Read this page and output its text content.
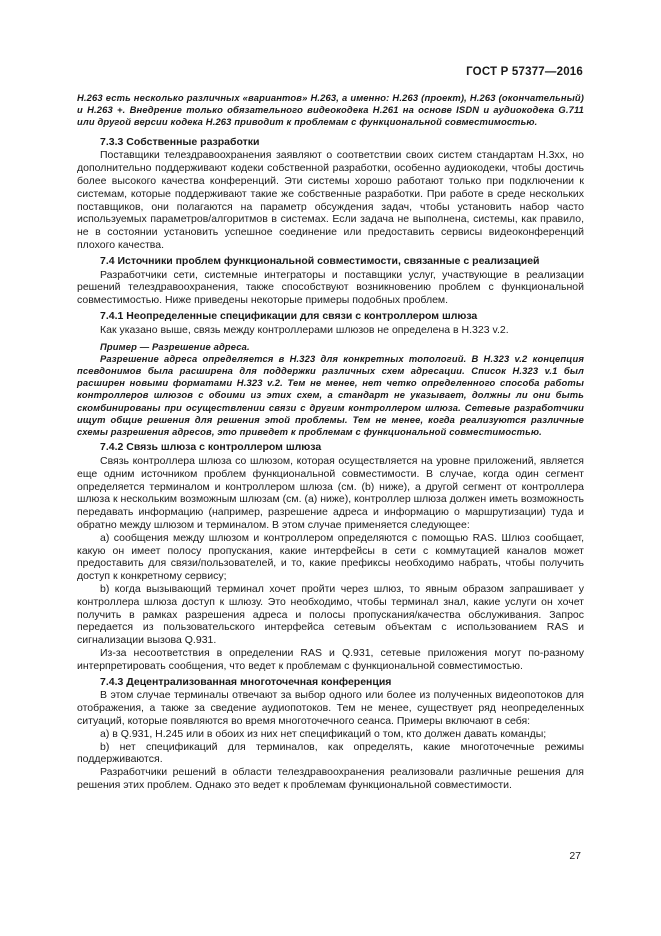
ГОСТ Р 57377—2016

H.263 есть несколько различных «вариантов» H.263, а именно: H.263 (проект), H.263 (окончательный) и H.263 +. Внедрение только обязательного видеокодека H.261 на основе ISDN и аудиокодека G.711 или другой версии кодека H.263 приводит к проблемам с функциональной совместимостью.

7.3.3 Собственные разработки

Поставщики телездравоохранения заявляют о соответствии своих систем стандартам H.3xx, но дополнительно поддерживают кодеки собственной разработки, особенно аудиокодеки, чтобы достичь более высокого качества конференций. Эти системы хорошо работают только при подключении к системам, которые поддерживают такие же собственные разработки. При работе в среде нескольких поставщиков, они полагаются на параметр обсуждения задач, чтобы установить набор часто используемых параметров/алгоритмов в системах. Если задача не выполнена, системы, как правило, не в состоянии установить успешное соединение или предоставить сервисы видеоконференций плохого качества.

7.4 Источники проблем функциональной совместимости, связанные с реализацией

Разработчики сети, системные интеграторы и поставщики услуг, участвующие в реализации решений телездравоохранения, также способствуют возникновению проблем с функциональной совместимостью. Ниже приведены некоторые примеры подобных проблем.

7.4.1 Неопределенные спецификации для связи с контроллером шлюза

Как указано выше, связь между контроллерами шлюзов не определена в H.323 v.2.

Пример — Разрешение адреса.

Разрешение адреса определяется в H.323 для конкретных топологий. В H.323 v.2 концепция псевдонимов была расширена для поддержки различных схем адресации. Список H.323 v.1 был расширен новыми форматами H.323 v.2. Тем не менее, нет четко определенного способа работы контроллеров шлюзов с обоими из этих схем, а стандарт не указывает, должны ли они быть скомбинированы при осуществлении связи с другим контроллером шлюза. Сетевые разработчики ищут общие решения для решения этой проблемы. Тем не менее, когда реализуются различные схемы разрешения адресов, это приведет к проблемам с функциональной совместимостью.

7.4.2 Связь шлюза с контроллером шлюза

Связь контроллера шлюза со шлюзом, которая осуществляется на уровне приложений, является еще одним источником проблем функциональной совместимости. В случае, когда один сегмент определяется терминалом и контроллером шлюза (см. (b) ниже), а другой сегмент от контроллера шлюза к нескольким возможным шлюзам (см. (a) ниже), контроллер шлюза должен иметь возможность передавать информацию (например, разрешение адреса и информацию о маршрутизации) туда и обратно между шлюзом и терминалом. В этом случае применяется следующее:

a) сообщения между шлюзом и контроллером определяются с помощью RAS. Шлюз сообщает, какую он имеет полосу пропускания, какие интерфейсы в сети с коммутацией каналов может предоставить для связи/пользователей, и то, какие префиксы необходимо набрать, чтобы получить доступ к конкретному сервису;

b) когда вызывающий терминал хочет пройти через шлюз, то явным образом запрашивает у контроллера шлюза доступ к шлюзу. Это необходимо, чтобы терминал знал, какие услуги он хочет получить в рамках разрешения адреса и полосы пропускания/качества обслуживания. Запрос передается из пользовательского интерфейса сетевым объектам с использованием RAS и сигнализации вызова Q.931.

Из-за несоответствия в определении RAS и Q.931, сетевые приложения могут по-разному интерпретировать сообщения, что ведет к проблемам с функциональной совместимостью.

7.4.3 Децентрализованная многоточечная конференция

В этом случае терминалы отвечают за выбор одного или более из полученных видеопотоков для отображения, а также за сведение аудиопотоков. Тем не менее, существует ряд неопределенных ситуаций, которые появляются во время многоточечного сеанса. Примеры включают в себя:

a) в Q.931, H.245 или в обоих из них нет спецификаций о том, кто должен давать команды;

b) нет спецификаций для терминалов, как определять, какие многоточечные режимы поддерживаются.

Разработчики решений в области телездравоохранения реализовали различные решения для решения этих проблем. Однако это ведет к проблемам функциональной совместимости.

27
